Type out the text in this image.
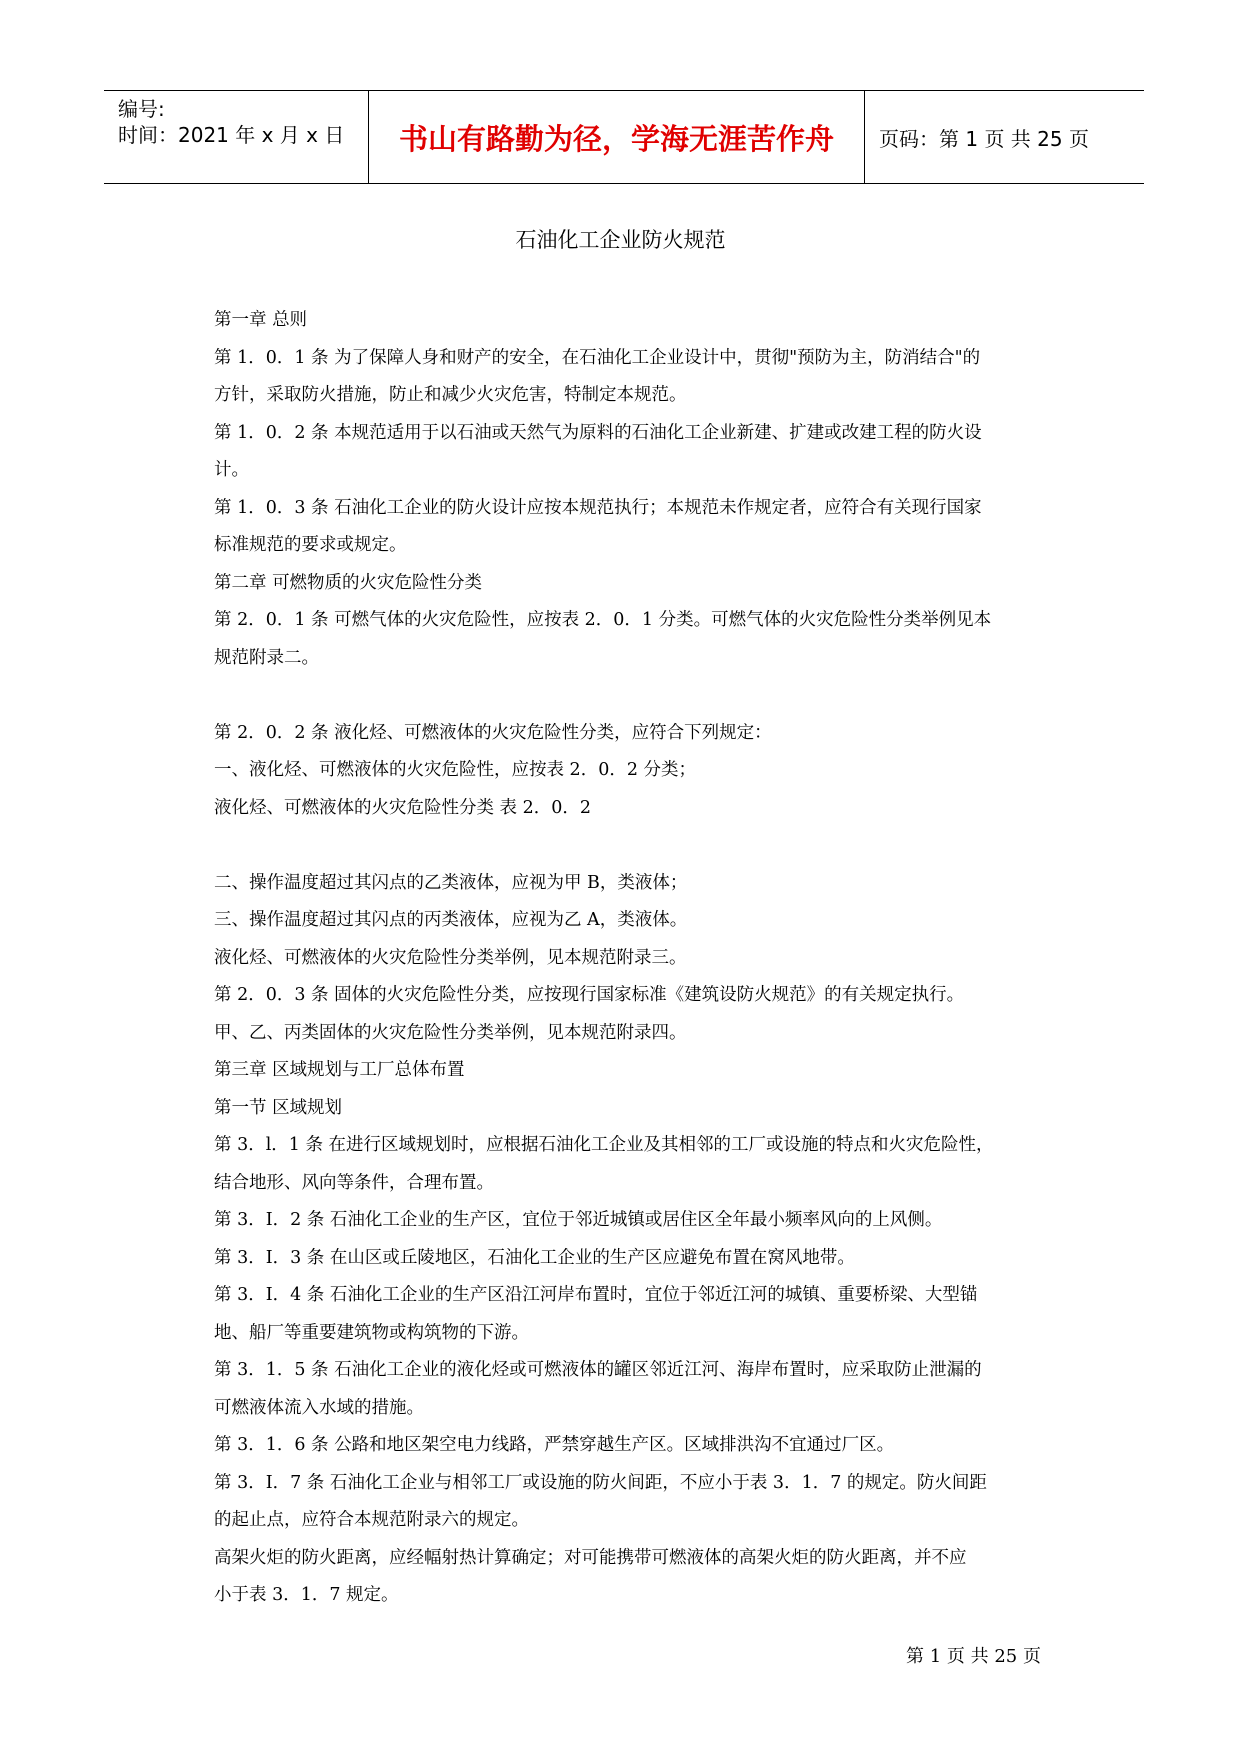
编号:
时间：2021 年 x 月 x 日 书山有路勤为径，学海无涯苦作舟 页码：第 1 页 共 25 页
石油化工企业防火规范

第一章 总则

第 1．0．1 条 为了保障人身和财产的安全，在石油化工企业设计中，贯彻"预防为主，防消结合"的

方针，采取防火措施，防止和减少火灾危害，特制定本规范。

第 1．0．2 条 本规范适用于以石油或天然气为原料的石油化工企业新建、扩建或改建工程的防火设

计。

第 1．0．3 条 石油化工企业的防火设计应按本规范执行；本规范未作规定者，应符合有关现行国家

标准规范的要求或规定。

第二章 可燃物质的火灾危险性分类

第 2．0．1 条 可燃气体的火灾危险性，应按表 2．0．1 分类。可燃气体的火灾危险性分类举例见本

规范附录二。

第 2．0．2 条 液化烃、可燃液体的火灾危险性分类，应符合下列规定：

一、液化烃、可燃液体的火灾危险性，应按表 2．0．2 分类；

液化烃、可燃液体的火灾危险性分类 表 2．0．2

二、操作温度超过其闪点的乙类液体，应视为甲 B，类液体；

三、操作温度超过其闪点的丙类液体，应视为乙 A，类液体。

液化烃、可燃液体的火灾危险性分类举例，见本规范附录三。

第 2．0．3 条 固体的火灾危险性分类，应按现行国家标准《建筑设防火规范》的有关规定执行。

甲、乙、丙类固体的火灾危险性分类举例，见本规范附录四。

第三章 区域规划与工厂总体布置

第一节 区域规划

第 3．l．1 条 在进行区域规划时，应根据石油化工企业及其相邻的工厂或设施的特点和火灾危险性，

结合地形、风向等条件，合理布置。

第 3．I．2 条 石油化工企业的生产区，宜位于邻近城镇或居住区全年最小频率风向的上风侧。

第 3．I．3 条 在山区或丘陵地区，石油化工企业的生产区应避免布置在窝风地带。

第 3．I．4 条 石油化工企业的生产区沿江河岸布置时，宜位于邻近江河的城镇、重要桥梁、大型锚

地、船厂等重要建筑物或构筑物的下游。

第 3．1．5 条 石油化工企业的液化烃或可燃液体的罐区邻近江河、海岸布置时，应采取防止泄漏的

可燃液体流入水域的措施。

第 3．1．6 条 公路和地区架空电力线路，严禁穿越生产区。区域排洪沟不宜通过厂区。

第 3．I．7 条 石油化工企业与相邻工厂或设施的防火间距，不应小于表 3．1．7 的规定。防火间距

的起止点，应符合本规范附录六的规定。

高架火炬的防火距离，应经幅射热计算确定；对可能携带可燃液体的高架火炬的防火距离，并不应

小于表 3．1．7 规定。

第 1 页 共 25 页
